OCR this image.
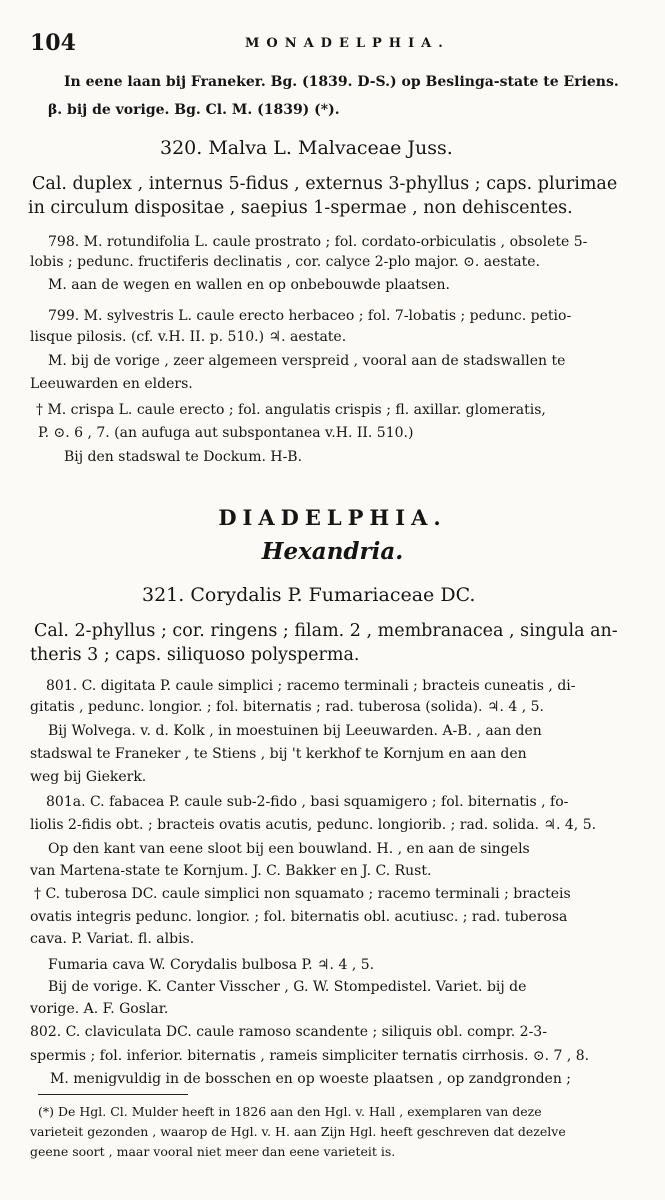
104	MONADELPHIA.
In eene laan bij Franeker. Bg. (1839. D-S.) op Beslinga-state te Eriens.
β. bij de vorige. Bg. Cl. M. (1839) (*).
320. Malva L. Malvaceae Juss.
Cal. duplex , internus 5-fidus , externus 3-phyllus ; caps. plurimae
in circulum dispositae , saepius 1-spermae , non dehiscentes.
798. M. rotundifolia L. caule prostrato ; fol. cordato-orbiculatis , obsolete 5-
lobis ; pedunc. fructiferis declinatis , cor. calyce 2-plo major. ⊙. aestate.
M. aan de wegen en wallen en op onbebouwde plaatsen.
799. M. sylvestris L. caule erecto herbaceo ; fol. 7-lobatis ; pedunc. petio-
lisque pilosis. (cf. v.H. II. p. 510.) ♃. aestate.
M. bij de vorige , zeer algemeen verspreid , vooral aan de stadswallen te
Leeuwarden en elders.
† M. crispa L. caule erecto ; fol. angulatis crispis ; fl. axillar. glomeratis,
P. ⊙. 6 , 7. (an aufuga aut subspontanea v.H. II. 510.)
Bij den stadswal te Dockum. H-B.
DIADELPHIA.
Hexandria.
321. Corydalis P. Fumariaceae DC.
Cal. 2-phyllus ; cor. ringens ; filam. 2 , membranacea , singula an-
theris 3 ; caps. siliquoso polysperma.
801. C. digitata P. caule simplici ; racemo terminali ; bracteis cuneatis , di-
gitatis , pedunc. longior. ; fol. biternatis ; rad. tuberosa (solida). ♃. 4 , 5.
Bij Wolvega. v. d. Kolk , in moestuinen bij Leeuwarden. A-B. , aan den
stadswal te Franeker , te Stiens , bij 't kerkhof te Kornjum en aan den
weg bij Giekerk.
801a. C. fabacea P. caule sub-2-fido , basi squamigero ; fol. biternatis , fo-
liolis 2-fidis obt. ; bracteis ovatis acutis, pedunc. longiorib. ; rad. solida. ♃. 4, 5.
Op den kant van eene sloot bij een bouwland. H. , en aan de singels
van Martena-state te Kornjum. J. C. Bakker en J. C. Rust.
† C. tuberosa DC. caule simplici non squamato ; racemo terminali ; bracteis
ovatis integris pedunc. longior. ; fol. biternatis obl. acutiusc. ; rad. tuberosa
cava. P. Variat. fl. albis.
Fumaria cava W. Corydalis bulbosa P. ♃. 4 , 5.
Bij de vorige. K. Canter Visscher , G. W. Stompedistel. Variet. bij de
vorige. A. F. Goslar.
802. C. claviculata DC. caule ramoso scandente ; siliquis obl. compr. 2-3-
spermis ; fol. inferior. biternatis , rameis simpliciter ternatis cirrhosis. ⊙. 7 , 8.
M. menigvuldig in de bosschen en op woeste plaatsen , op zandgronden ;
(*) De Hgl. Cl. Mulder heeft in 1826 aan den Hgl. v. Hall , exemplaren van deze
varieteit gezonden , waarop de Hgl. v. H. aan Zijn Hgl. heeft geschreven dat dezelve
geene soort , maar vooral niet meer dan eene varieteit is.
